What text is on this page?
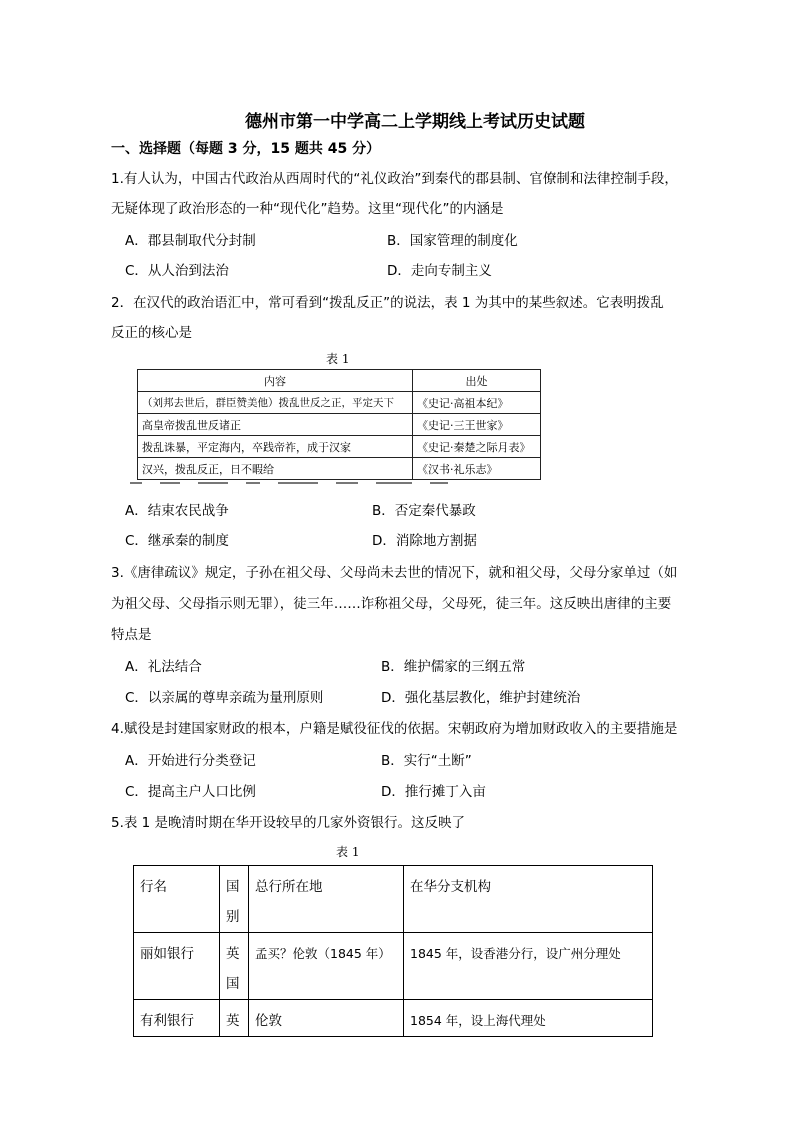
德州市第一中学高二上学期线上考试历史试题
一、选择题（每题 3 分，15 题共 45 分）
1.有人认为，中国古代政治从西周时代的“礼仪政治”到秦代的郡县制、官僚制和法律控制手段，
无疑体现了政治形态的一种“现代化”趋势。这里“现代化”的内涵是
A．郡县制取代分封制	B．国家管理的制度化
C．从人治到法治	D．走向专制主义
2．在汉代的政治语汇中，常可看到“拨乱反正”的说法，表 1 为其中的某些叙述。它表明拨乱
反正的核心是
表 1
内容	出处
（刘邦去世后，群臣赞美他）拨乱世反之正，平定天下	《史记·高祖本纪》
高皇帝拨乱世反诸正	《史记·三王世家》
拨乱诛暴，平定海内，卒践帝祚，成于汉家	《史记·秦楚之际月表》
汉兴，拨乱反正，日不暇给	《汉书·礼乐志》
A．结束农民战争	B．否定秦代暴政
C．继承秦的制度	D．消除地方割据
3.《唐律疏议》规定，子孙在祖父母、父母尚未去世的情况下，就和祖父母，父母分家单过（如
为祖父母、父母指示则无罪），徒三年……诈称祖父母，父母死，徒三年。这反映出唐律的主要
特点是
A．礼法结合	B．维护儒家的三纲五常
C．以亲属的尊卑亲疏为量刑原则	D．强化基层教化，维护封建统治
4.赋役是封建国家财政的根本，户籍是赋役征伐的依据。宋朝政府为增加财政收入的主要措施是
A．开始进行分类登记	B．实行“土断”
C．提高主户人口比例	D．推行摊丁入亩
5.表 1 是晚清时期在华开设较早的几家外资银行。这反映了
表 1
行名	国别	总行所在地	在华分支机构
丽如银行	英国	孟买？伦敦（1845 年）	1845 年，设香港分行，设广州分理处
有利银行	英	伦敦	1854 年，设上海代理处
